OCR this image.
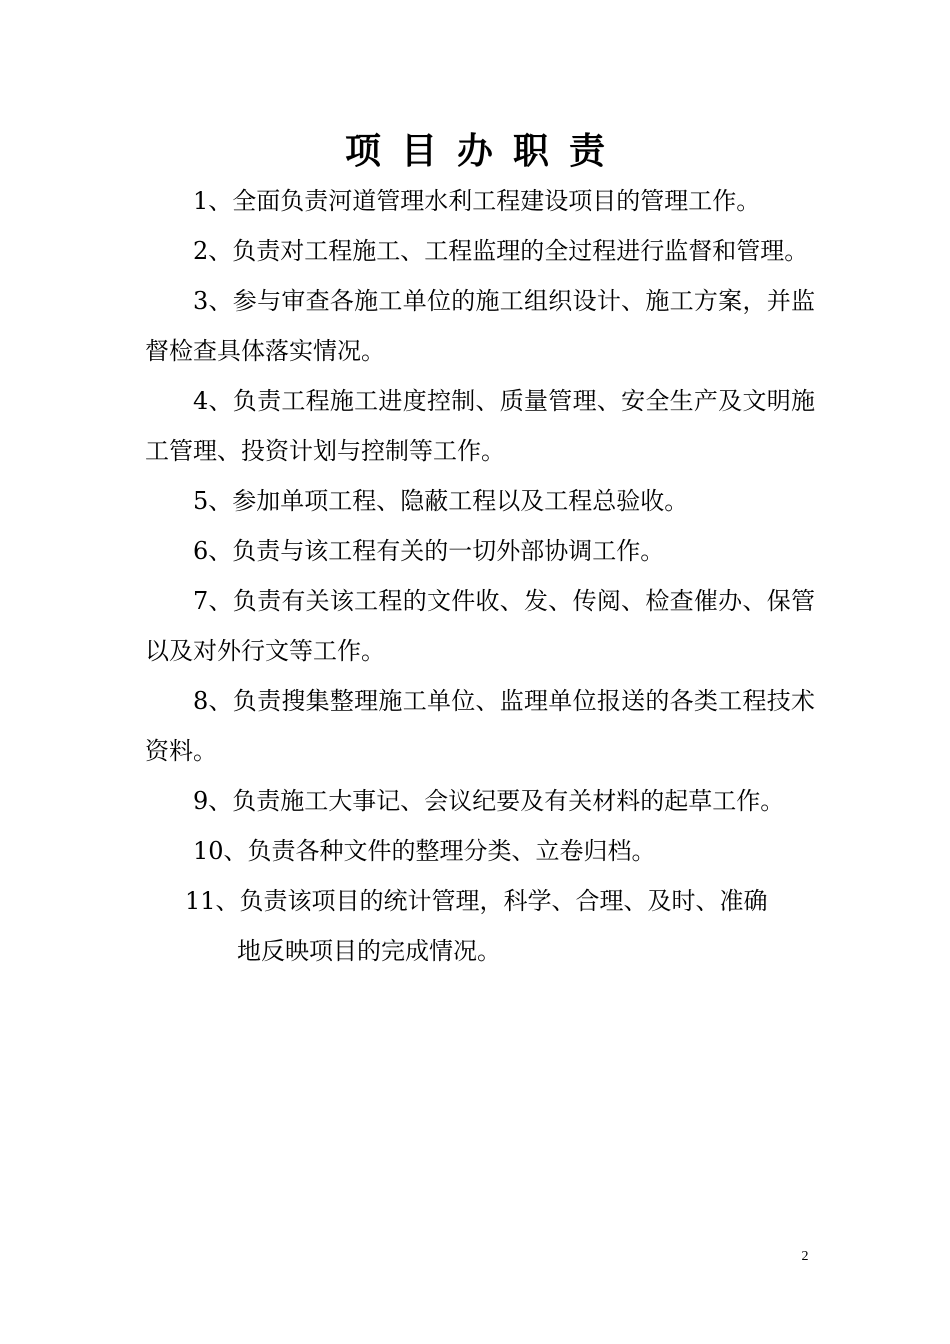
项目办职责

1、全面负责河道管理水利工程建设项目的管理工作。

2、负责对工程施工、工程监理的全过程进行监督和管理。

3、参与审查各施工单位的施工组织设计、施工方案，并监督检查具体落实情况。

4、负责工程施工进度控制、质量管理、安全生产及文明施工管理、投资计划与控制等工作。

5、参加单项工程、隐蔽工程以及工程总验收。

6、负责与该工程有关的一切外部协调工作。

7、负责有关该工程的文件收、发、传阅、检查催办、保管以及对外行文等工作。

8、负责搜集整理施工单位、监理单位报送的各类工程技术资料。

9、负责施工大事记、会议纪要及有关材料的起草工作。

10、负责各种文件的整理分类、立卷归档。

11、负责该项目的统计管理，科学、合理、及时、准确

地反映项目的完成情况。

2
